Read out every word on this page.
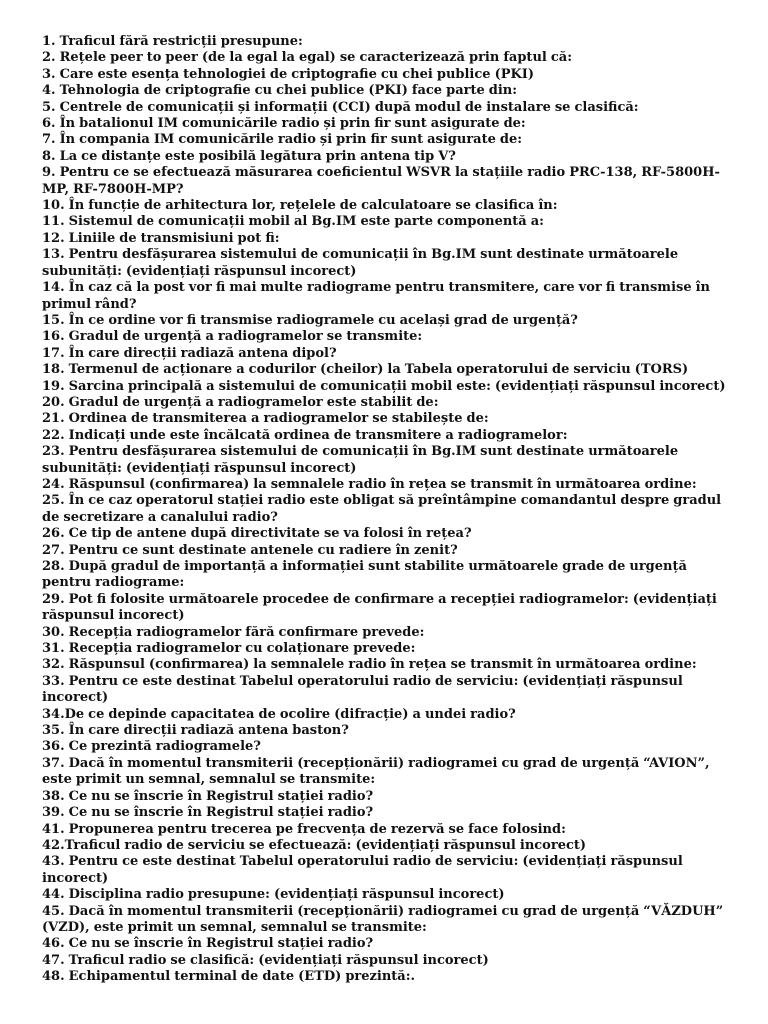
1. Traficul fără restricții presupune:

2. Rețele peer to peer (de la egal la egal) se caracterizează prin faptul că:

3. Care este esența tehnologiei de criptografie cu chei publice (PKI)

4. Tehnologia de criptografie cu chei publice (PKI) face parte din:

5. Centrele de comunicații și informații (CCI) după modul de instalare se clasifică:

6. În batalionul IM comunicările radio și prin fir sunt asigurate de:

7. În compania IM comunicările radio și prin fir sunt asigurate de:

8. La ce distanțe este posibilă legătura prin antena tip V?

9. Pentru ce se efectuează măsurarea coeficientul WSVR la stațiile radio PRC-138, RF-5800H-MP, RF-7800H-MP?

10. În funcție de arhitectura lor, rețelele de calculatoare se clasifica în:

11. Sistemul de comunicații mobil al Bg.IM este parte componentă a:

12. Liniile de transmisiuni pot fi:

13. Pentru desfășurarea sistemului de comunicații în Bg.IM sunt destinate următoarele subunități: (evidențiați răspunsul incorect)

14. În caz că la post vor fi mai multe radiograme pentru transmitere, care vor fi transmise în primul rând?

15. În ce ordine vor fi transmise radiogramele cu același grad de urgență?

16. Gradul de urgență a radiogramelor se transmite:

17. În care direcții radiază antena dipol?

18. Termenul de acționare a codurilor (cheilor) la Tabela operatorului de serviciu (TORS)

19. Sarcina principală a sistemului de comunicații mobil este: (evidențiați răspunsul incorect)

20. Gradul de urgență a radiogramelor este stabilit de:

21. Ordinea de transmiterea a radiogramelor se stabilește de:

22. Indicați unde este încălcată ordinea de transmitere a radiogramelor:

23. Pentru desfășurarea sistemului de comunicații în Bg.IM sunt destinate următoarele subunități: (evidențiați răspunsul incorect)

24. Răspunsul (confirmarea) la semnalele radio în rețea se transmit în următoarea ordine:

25. În ce caz operatorul stației radio este obligat să preîntâmpine comandantul despre gradul de secretizare a canalului radio?

26. Ce tip de antene după directivitate se va folosi în rețea?

27. Pentru ce sunt destinate antenele cu radiere în zenit?

28. După gradul de importanță a informației sunt stabilite următoarele grade de urgență pentru radiograme:

29. Pot fi folosite următoarele procedee de confirmare a recepției radiogramelor: (evidențiați răspunsul incorect)

30. Recepția radiogramelor fără confirmare prevede:

31. Recepția radiogramelor cu colaționare prevede:

32. Răspunsul (confirmarea) la semnalele radio în rețea se transmit în următoarea ordine:

33. Pentru ce este destinat Tabelul operatorului radio de serviciu: (evidențiați răspunsul incorect)

34.De ce depinde capacitatea de ocolire (difracție) a undei radio?

35. În care direcții radiază antena baston?

36. Ce prezintă radiogramele?

37. Dacă în momentul transmiterii (recepționării) radiogramei cu grad de urgență “AVION”, este primit un semnal, semnalul se transmite:

38. Ce nu se înscrie în Registrul stației radio?

39. Ce nu se înscrie în Registrul stației radio?

41. Propunerea pentru trecerea pe frecvența de rezervă se face folosind:

42.Traficul radio de serviciu se efectuează: (evidențiați răspunsul incorect)

43. Pentru ce este destinat Tabelul operatorului radio de serviciu: (evidențiați răspunsul incorect)

44. Disciplina radio presupune: (evidențiați răspunsul incorect)

45. Dacă în momentul transmiterii (recepționării) radiogramei cu grad de urgență “VĂZDUH” (VZD), este primit un semnal, semnalul se transmite:

46. Ce nu se înscrie în Registrul stației radio?

47. Traficul radio se clasifică: (evidențiați răspunsul incorect)

48. Echipamentul terminal de date (ETD) prezintă:.
